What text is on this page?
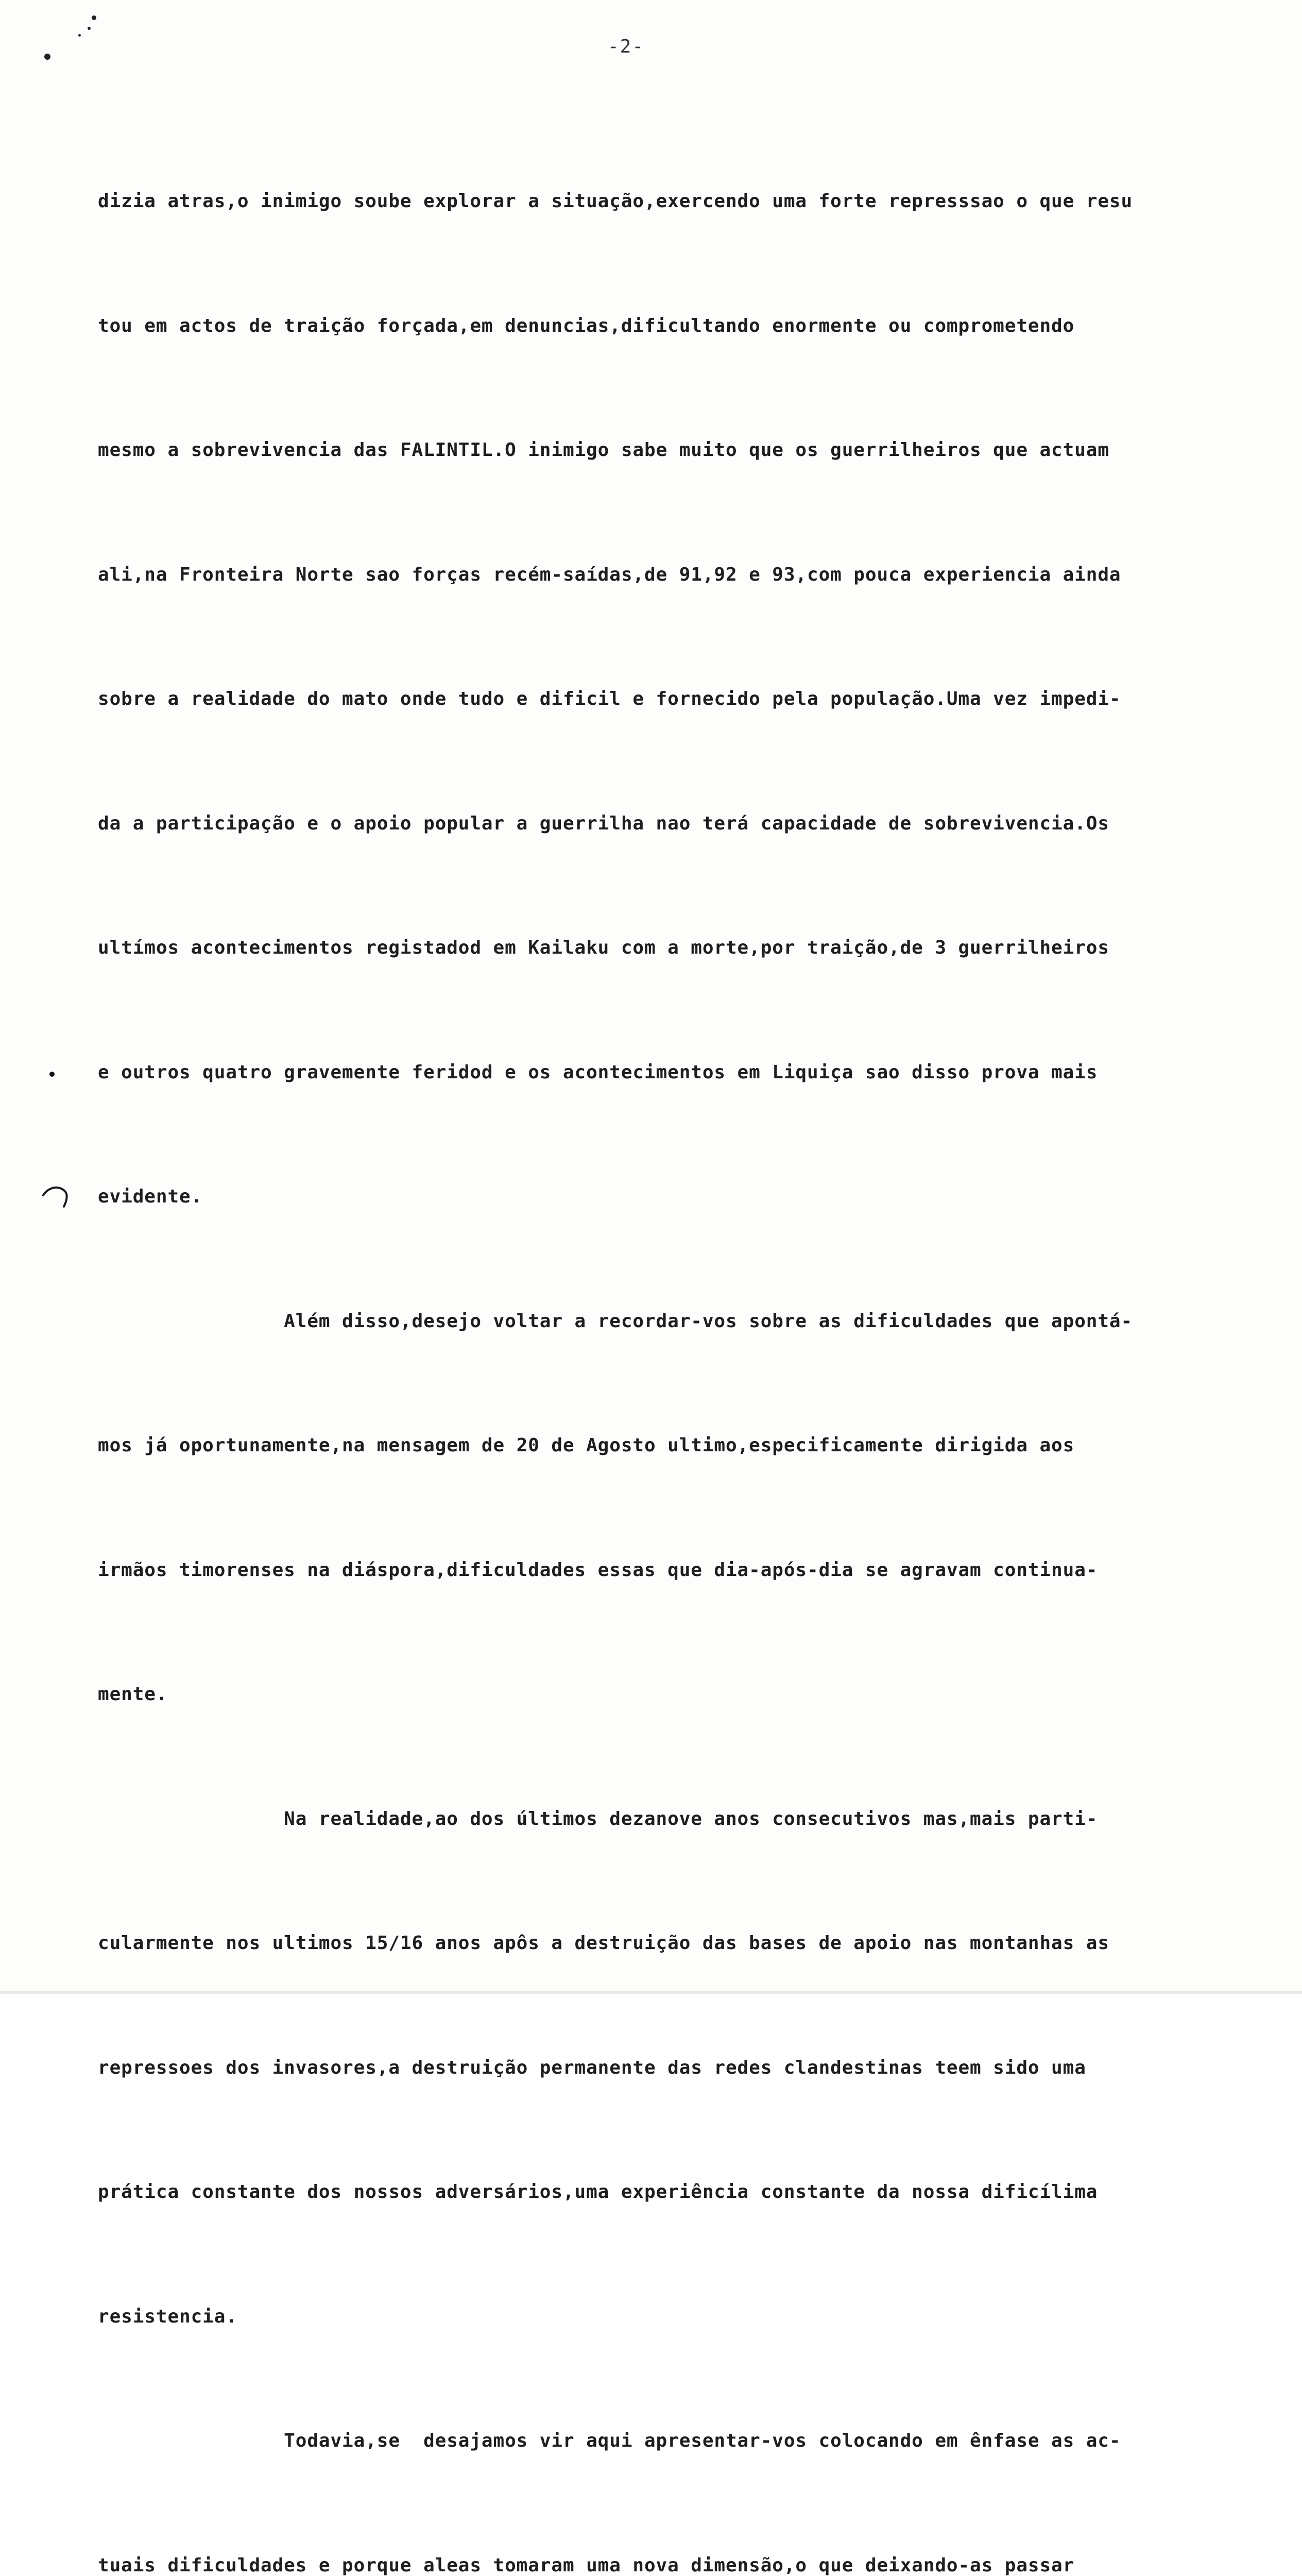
-2-

dizia atras,o inimigo soube explorar a situação,exercendo uma forte represssao o que resu

tou em actos de traição forçada,em denuncias,dificultando enormente ou comprometendo

mesmo a sobrevivencia das FALINTIL.O inimigo sabe muito que os guerrilheiros que actuam

ali,na Fronteira Norte sao forças recém-saídas,de 91,92 e 93,com pouca experiencia ainda

sobre a realidade do mato onde tudo e dificil e fornecido pela população.Uma vez impedi-

da a participação e o apoio popular a guerrilha nao terá capacidade de sobrevivencia.Os

ultímos acontecimentos registadod em Kailaku com a morte,por traição,de 3 guerrilheiros

e outros quatro gravemente feridod e os acontecimentos em Liquiça sao disso prova mais

evidente.

Além disso,desejo voltar a recordar-vos sobre as dificuldades que apontá-

mos já oportunamente,na mensagem de 20 de Agosto ultimo,especificamente dirigida aos

irmãos timorenses na diáspora,dificuldades essas que dia-após-dia se agravam continua-

mente.

Na realidade,ao dos últimos dezanove anos consecutivos mas,mais parti-

cularmente nos ultimos 15/16 anos apôs a destruição das bases de apoio nas montanhas as

repressoes dos invasores,a destruição permanente das redes clandestinas teem sido uma

prática constante dos nossos adversários,uma experiência constante da nossa dificílima

resistencia.

Todavia,se  desajamos vir aqui apresentar-vos colocando em ênfase as ac-

tuais dificuldades e porque aleas tomaram uma nova dimensão,o que deixando-as passar
